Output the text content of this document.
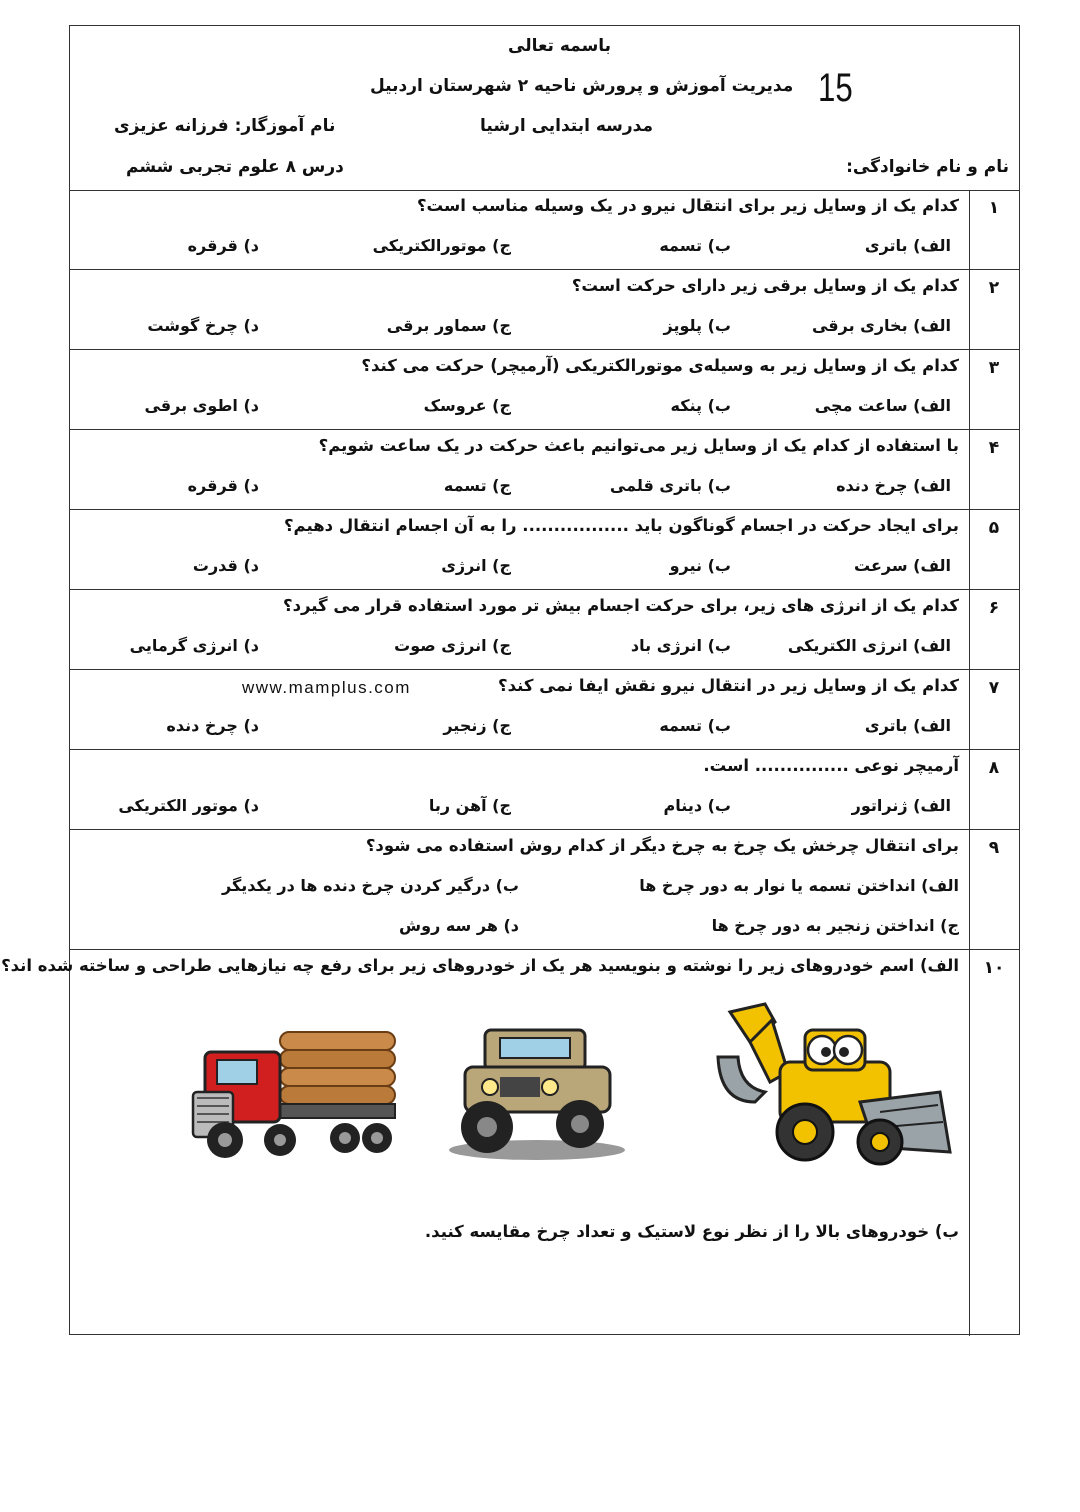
باسمه تعالی
مدیریت آموزش و پرورش ناحیه ۲ شهرستان اردبیل
مدرسه ابتدایی ارشیا
نام آموزگار: فرزانه عزیزی
درس ۸ علوم تجربی ششم	نام و نام خانوادگی:
15
۱
کدام یک از وسایل زیر برای انتقال نیرو در یک وسیله مناسب است؟
الف) باتری
ب) تسمه
ج) موتورالکتریکی
د) قرقره
۲
کدام یک از وسایل برقی زیر دارای حرکت است؟
الف) بخاری برقی
ب) پلوپز
ج) سماور برقی
د) چرخ گوشت
۳
کدام یک از وسایل زیر به وسیله‌ی موتورالکتریکی (آرمیچر) حرکت می کند؟
الف) ساعت مچی
ب) پنکه
ج) عروسک
د) اطوی برقی
۴
با استفاده از کدام یک از وسایل زیر می‌توانیم باعث حرکت در یک ساعت شویم؟
الف) چرخ دنده
ب) باتری قلمی
ج) تسمه
د) قرقره
۵
برای ایجاد حرکت در اجسام گوناگون باید ................. را به آن اجسام انتقال دهیم؟
الف) سرعت
ب) نیرو
ج) انرژی
د) قدرت
۶
کدام یک از انرژی های زیر، برای حرکت اجسام بیش تر مورد استفاده قرار می گیرد؟
الف) انرژی الکتریکی
ب) انرژی باد
ج) انرژی صوت
د) انرژی گرمایی
۷
کدام یک از وسایل زیر در انتقال نیرو نقش ایفا نمی کند؟
www.mamplus.com
الف) باتری
ب) تسمه
ج) زنجیر
د) چرخ دنده
۸
آرمیچر نوعی ............... است.
الف) ژنراتور
ب) دینام
ج) آهن ربا
د) موتور الکتریکی
۹
برای انتقال چرخش یک چرخ به چرخ دیگر از کدام روش استفاده می شود؟
الف) انداختن تسمه یا نوار به دور چرخ ها
ب) درگیر کردن چرخ دنده ها در یکدیگر
ج) انداختن زنجیر به دور چرخ ها
د) هر سه روش
۱۰
الف) اسم خودروهای زیر را نوشته و بنویسید هر یک از خودروهای زیر برای رفع چه نیازهایی طراحی و ساخته شده اند؟
ب) خودروهای بالا را از نظر نوع لاستیک و تعداد چرخ مقایسه کنید.
